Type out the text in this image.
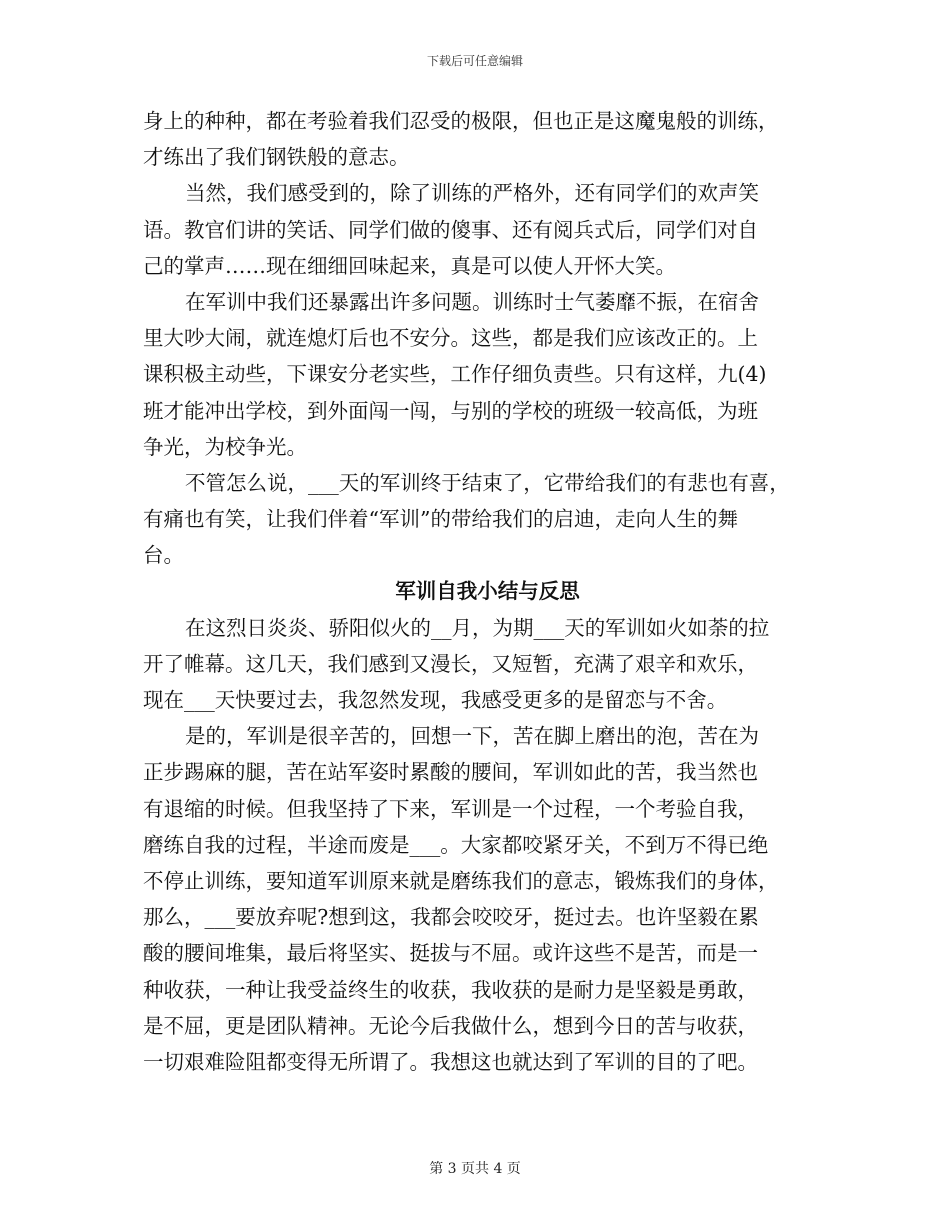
下载后可任意编辑
身上的种种，都在考验着我们忍受的极限，但也正是这魔鬼般的训练，
才练出了我们钢铁般的意志。
当然，我们感受到的，除了训练的严格外，还有同学们的欢声笑
语。教官们讲的笑话、同学们做的傻事、还有阅兵式后，同学们对自
己的掌声……现在细细回味起来，真是可以使人开怀大笑。
在军训中我们还暴露出许多问题。训练时士气萎靡不振，在宿舍
里大吵大闹，就连熄灯后也不安分。这些，都是我们应该改正的。上
课积极主动些，下课安分老实些，工作仔细负责些。只有这样，九(4)
班才能冲出学校，到外面闯一闯，与别的学校的班级一较高低，为班
争光，为校争光。
不管怎么说，___天的军训终于结束了，它带给我们的有悲也有喜，
有痛也有笑，让我们伴着“军训”的带给我们的启迪，走向人生的舞
台。
军训自我小结与反思
在这烈日炎炎、骄阳似火的__月，为期___天的军训如火如荼的拉
开了帷幕。这几天，我们感到又漫长，又短暂，充满了艰辛和欢乐，
现在___天快要过去，我忽然发现，我感受更多的是留恋与不舍。
是的，军训是很辛苦的，回想一下，苦在脚上磨出的泡，苦在为
正步踢麻的腿，苦在站军姿时累酸的腰间，军训如此的苦，我当然也
有退缩的时候。但我坚持了下来，军训是一个过程，一个考验自我，
磨练自我的过程，半途而废是___。大家都咬紧牙关，不到万不得已绝
不停止训练，要知道军训原来就是磨练我们的意志，锻炼我们的身体，
那么，___要放弃呢?想到这，我都会咬咬牙，挺过去。也许坚毅在累
酸的腰间堆集，最后将坚实、挺拔与不屈。或许这些不是苦，而是一
种收获，一种让我受益终生的收获，我收获的是耐力是坚毅是勇敢，
是不屈，更是团队精神。无论今后我做什么，想到今日的苦与收获，
一切艰难险阻都变得无所谓了。我想这也就达到了军训的目的了吧。
第 3 页共 4 页
